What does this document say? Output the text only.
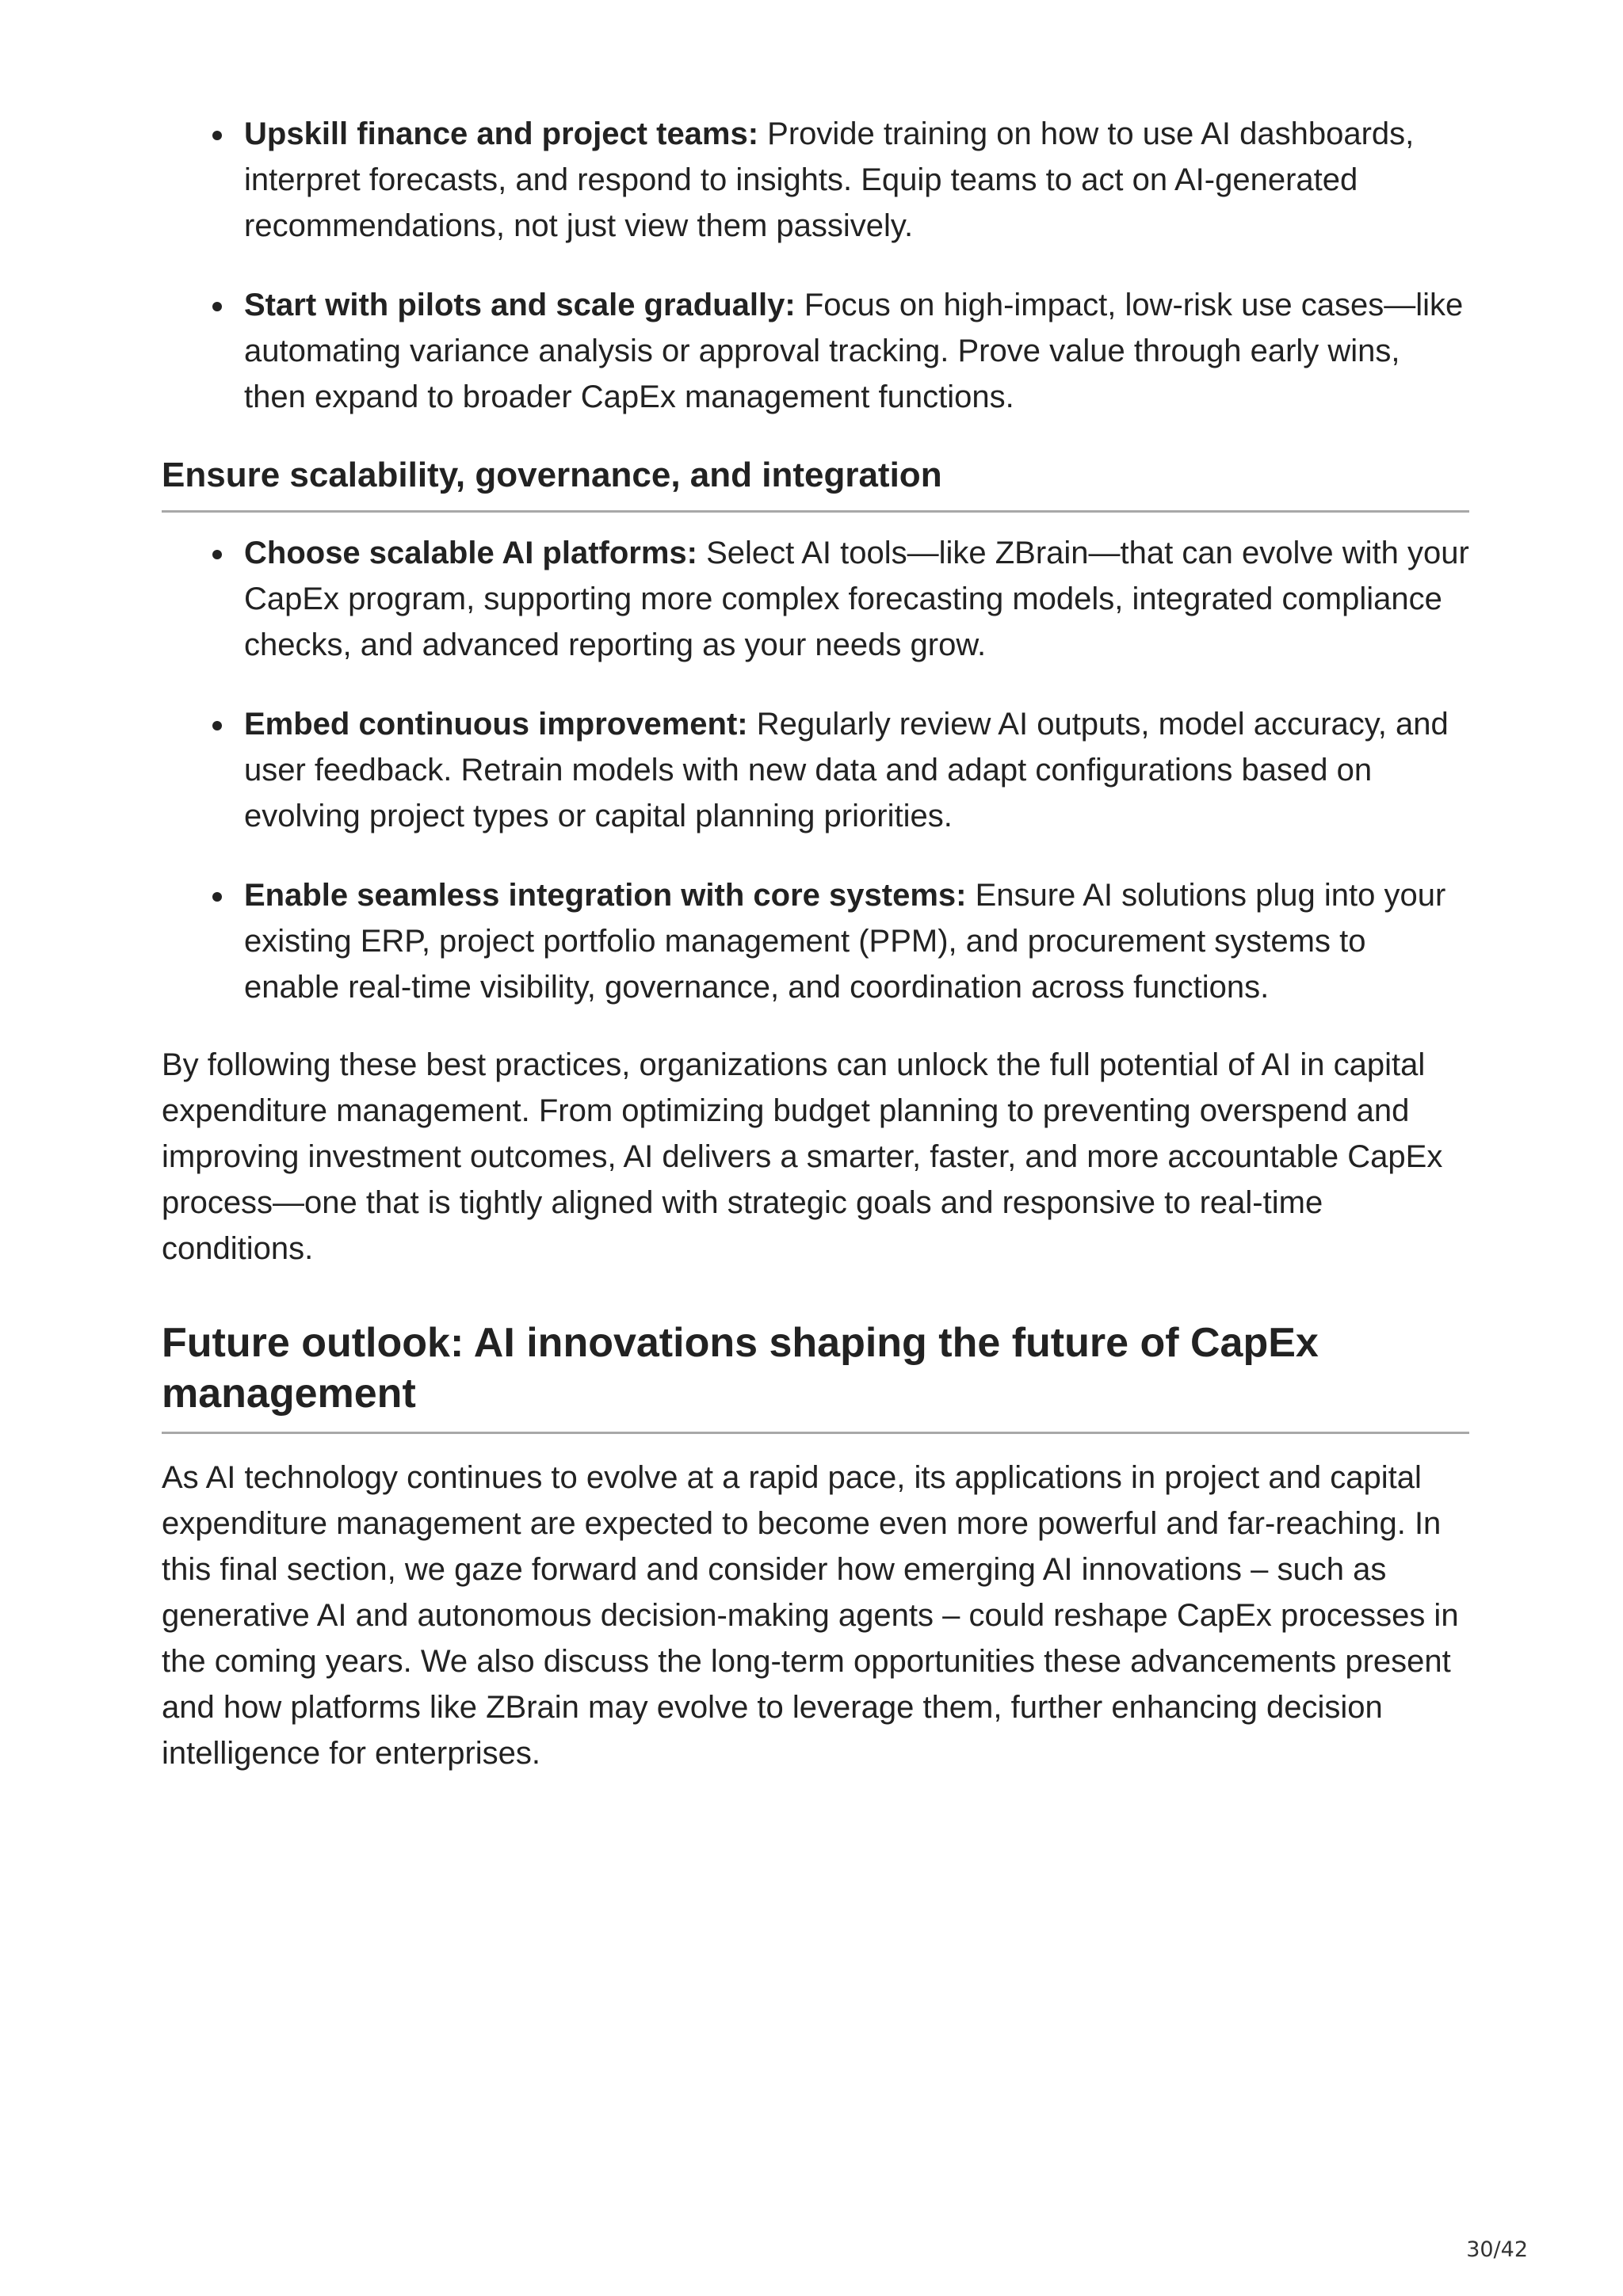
Upskill finance and project teams: Provide training on how to use AI dashboards, interpret forecasts, and respond to insights. Equip teams to act on AI-generated recommendations, not just view them passively.
Start with pilots and scale gradually: Focus on high-impact, low-risk use cases—like automating variance analysis or approval tracking. Prove value through early wins, then expand to broader CapEx management functions.
Ensure scalability, governance, and integration
Choose scalable AI platforms: Select AI tools—like ZBrain—that can evolve with your CapEx program, supporting more complex forecasting models, integrated compliance checks, and advanced reporting as your needs grow.
Embed continuous improvement: Regularly review AI outputs, model accuracy, and user feedback. Retrain models with new data and adapt configurations based on evolving project types or capital planning priorities.
Enable seamless integration with core systems: Ensure AI solutions plug into your existing ERP, project portfolio management (PPM), and procurement systems to enable real-time visibility, governance, and coordination across functions.

By following these best practices, organizations can unlock the full potential of AI in capital expenditure management. From optimizing budget planning to preventing overspend and improving investment outcomes, AI delivers a smarter, faster, and more accountable CapEx process—one that is tightly aligned with strategic goals and responsive to real-time conditions.

Future outlook: AI innovations shaping the future of CapEx management

As AI technology continues to evolve at a rapid pace, its applications in project and capital expenditure management are expected to become even more powerful and far-reaching. In this final section, we gaze forward and consider how emerging AI innovations – such as generative AI and autonomous decision-making agents – could reshape CapEx processes in the coming years. We also discuss the long-term opportunities these advancements present and how platforms like ZBrain may evolve to leverage them, further enhancing decision intelligence for enterprises.

30/42
